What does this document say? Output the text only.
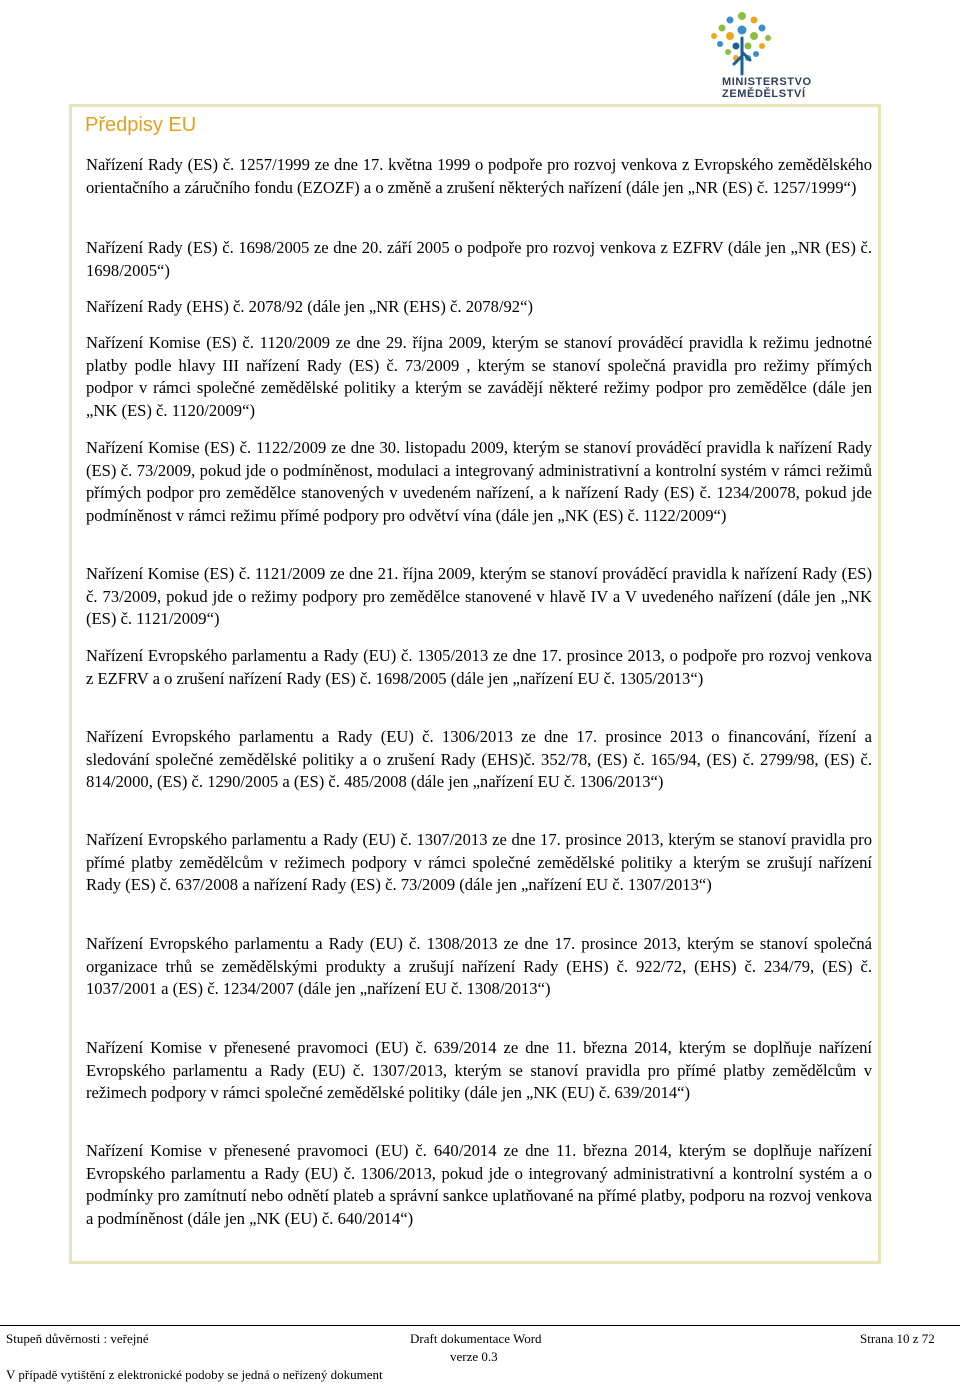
MINISTERSTVO ZEMĚDĚLSTVÍ
Předpisy EU

Nařízení Rady (ES) č. 1257/1999 ze dne 17. května 1999 o podpoře pro rozvoj venkova z Evropského zemědělského orientačního a záručního fondu (EZOZF) a o změně a zrušení některých nařízení (dále jen „NR (ES) č. 1257/1999“)

Nařízení Rady (ES) č. 1698/2005 ze dne 20. září 2005 o podpoře pro rozvoj venkova z EZFRV (dále jen „NR (ES) č. 1698/2005“)

Nařízení Rady (EHS) č. 2078/92 (dále jen „NR (EHS) č. 2078/92“)

Nařízení Komise (ES) č. 1120/2009 ze dne 29. října 2009, kterým se stanoví prováděcí pravidla k režimu jednotné platby podle hlavy III nařízení Rady (ES) č. 73/2009 , kterým se stanoví společná pravidla pro režimy přímých podpor v rámci společné zemědělské politiky a kterým se zavádějí některé režimy podpor pro zemědělce (dále jen „NK (ES) č. 1120/2009“)

Nařízení Komise (ES) č. 1122/2009 ze dne 30. listopadu 2009, kterým se stanoví prováděcí pravidla k nařízení Rady (ES) č. 73/2009, pokud jde o podmíněnost, modulaci a integrovaný administrativní a kontrolní systém v rámci režimů přímých podpor pro zemědělce stanovených v uvedeném nařízení, a k nařízení Rady (ES) č. 1234/20078, pokud jde podmíněnost v rámci režimu přímé podpory pro odvětví vína (dále jen „NK (ES) č. 1122/2009“)

Nařízení Komise (ES) č. 1121/2009 ze dne 21. října 2009, kterým se stanoví prováděcí pravidla k nařízení Rady (ES) č. 73/2009, pokud jde o režimy podpory pro zemědělce stanovené v hlavě IV a V uvedeného nařízení (dále jen „NK (ES) č. 1121/2009“)

Nařízení Evropského parlamentu a Rady (EU) č. 1305/2013 ze dne 17. prosince 2013, o podpoře pro rozvoj venkova z EZFRV a o zrušení nařízení Rady (ES) č. 1698/2005 (dále jen „nařízení EU č. 1305/2013“)

Nařízení Evropského parlamentu a Rady (EU) č. 1306/2013 ze dne 17. prosince 2013 o financování, řízení a sledování společné zemědělské politiky a o zrušení Rady (EHS)č. 352/78, (ES) č. 165/94, (ES) č. 2799/98, (ES) č. 814/2000, (ES) č. 1290/2005 a (ES) č. 485/2008 (dále jen „nařízení EU č. 1306/2013“)

Nařízení Evropského parlamentu a Rady (EU) č. 1307/2013 ze dne 17. prosince 2013, kterým se stanoví pravidla pro přímé platby zemědělcům v režimech podpory v rámci společné zemědělské politiky a kterým se zrušují nařízení Rady (ES) č. 637/2008 a nařízení Rady (ES) č. 73/2009 (dále jen „nařízení EU č. 1307/2013“)

Nařízení Evropského parlamentu a Rady (EU) č. 1308/2013 ze dne 17. prosince 2013, kterým se stanoví společná organizace trhů se zemědělskými produkty a zrušují nařízení Rady (EHS) č. 922/72, (EHS) č. 234/79, (ES) č. 1037/2001 a (ES) č. 1234/2007 (dále jen „nařízení EU č. 1308/2013“)

Nařízení Komise v přenesené pravomoci (EU) č. 639/2014 ze dne 11. března 2014, kterým se doplňuje nařízení Evropského parlamentu a Rady (EU) č. 1307/2013, kterým se stanoví pravidla pro přímé platby zemědělcům v režimech podpory v rámci společné zemědělské politiky (dále jen „NK (EU) č. 639/2014“)

Nařízení Komise v přenesené pravomoci (EU) č. 640/2014 ze dne 11. března 2014, kterým se doplňuje nařízení Evropského parlamentu a Rady (EU) č. 1306/2013, pokud jde o integrovaný administrativní a kontrolní systém a o podmínky pro zamítnutí nebo odnětí plateb a správní sankce uplatňované na přímé platby, podporu na rozvoj venkova a podmíněnost (dále jen „NK (EU) č. 640/2014“)

Stupeň důvěrnosti : veřejné	Draft dokumentace Word	Strana 10 z 72
verze 0.3
V případě vytištění z elektronické podoby se jedná o neřízený dokument
